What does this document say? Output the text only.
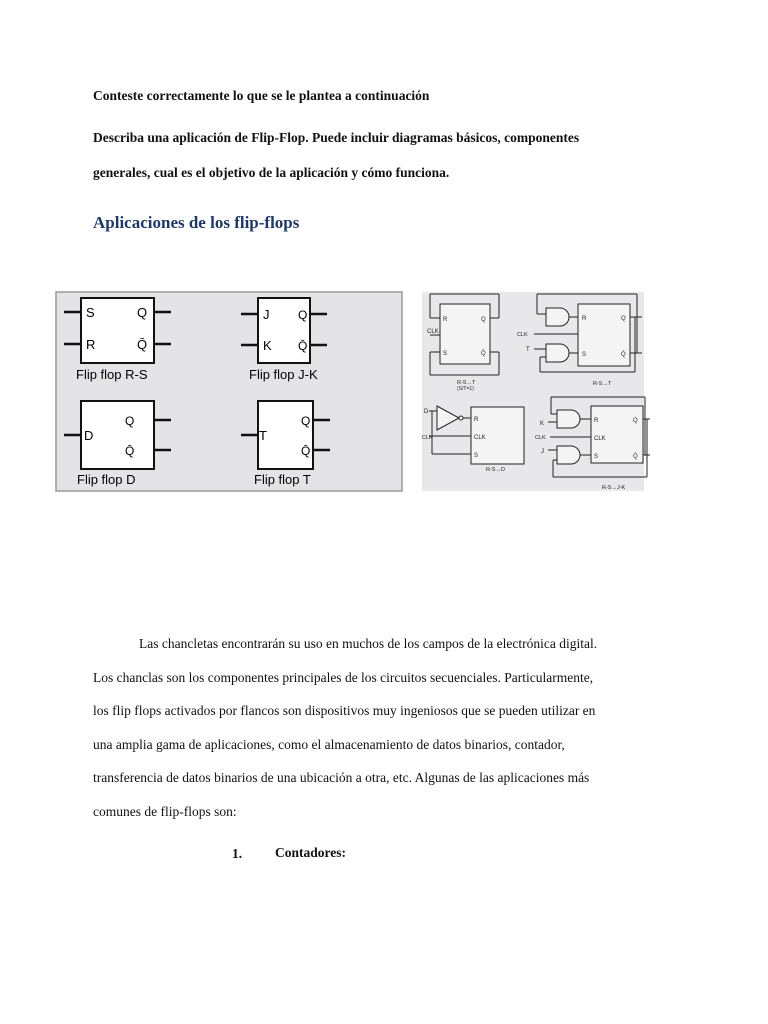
Conteste correctamente lo que se le plantea a continuación
Describa una aplicación de Flip-Flop. Puede incluir diagramas básicos, componentes
generales, cual es el objetivo de la aplicación y cómo funciona.
Aplicaciones de los flip-flops
S
R
Q
Q̄
Flip flop R-S
J
K
Q
Q̄
Flip flop J-K
D
Q
Q̄
Flip flop D
T
Q
Q̄
Flip flop T
R
S
Q
Q̄
CLK
R-S→T
(S/T=1)
R
S
Q
Q̄
CLK
T
R-S→T
R
S
CLK
D
CLK
R-S→D
R
S
CLK
Q
Q̄
K
CLK
J
R-S→J-K
Las chancletas encontrarán su uso en muchos de los campos de la electrónica digital.
Los chanclas son los componentes principales de los circuitos secuenciales. Particularmente,
los flip flops activados por flancos son dispositivos muy ingeniosos que se pueden utilizar en
una amplia gama de aplicaciones, como el almacenamiento de datos binarios, contador,
transferencia de datos binarios de una ubicación a otra, etc. Algunas de las aplicaciones más
comunes de flip-flops son:
1. Contadores:
